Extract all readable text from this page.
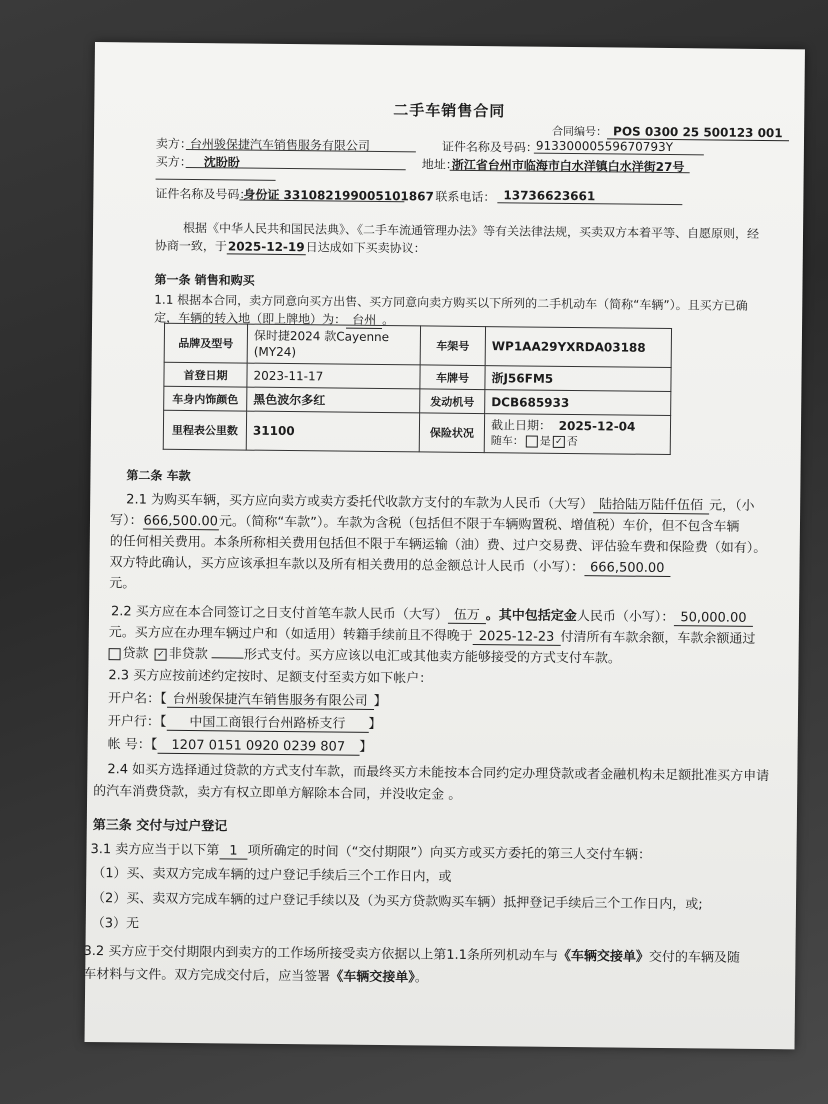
二手车销售合同
合同编号： POS 0300 25 500123 001
卖方：
台州骏保捷汽车销售服务有限公司	证件名称及号码：
91330000559670793Y
买方： 沈盼盼	地址：
浙江省台州市临海市白水洋镇白水洋街27号
证件名称及号码：
身份证 331082199005101867 联系电话： 13736623661
根据《中华人民共和国民法典》、《二手车流通管理办法》等有关法律法规，买卖双方本着平等、自愿原则，经
协商一致，于2025-12-19日达成如下买卖协议：
第一条 销售和购买
1.1 根据本合同，卖方同意向买方出售、买方同意向卖方购买以下所列的二手机动车（简称“车辆”）。且买方已确
定，车辆的转入地（即上牌地）为： 台州 。
品牌及型号	保时捷2024 款Cayenne
(MY24)	车架号	WP1AA29YXRDA03188
首登日期	2023-11-17	车牌号	浙J56FM5
车身内饰颜色	黑色波尔多红	发动机号	DCB685933
里程表公里数	31100	保险状况	截止日期： 2025-12-04
随车： 是 ✓ 否
第二条 车款
2.1 为购买车辆，买方应向卖方或卖方委托代收款方支付的车款为人民币（大写） 陆拾陆万陆仟伍佰 元，（小
写）：666,500.00元。（简称“车款”）。车款为含税（包括但不限于车辆购置税、增值税）车价，但不包含车辆
的任何相关费用。本条所称相关费用包括但不限于车辆运输（油）费、过户交易费、评估验车费和保险费（如有）。
双方特此确认，买方应该承担车款以及所有相关费用的总金额总计人民币（小写）： 666,500.00
元。
2.2 买方应在本合同签订之日支付首笔车款人民币（大写） 伍万 。其中包括定金人民币（小写）： 50,000.00
元。买方应在办理车辆过户和（如适用）转籍手续前且不得晚于 2025-12-23 付清所有车款余额，车款余额通过
贷款 ✓ 非贷款	形式支付。买方应该以电汇或其他卖方能够接受的方式支付车款。
2.3 买方应按前述约定按时、足额支付至卖方如下帐户：
开户名：【 台州骏保捷汽车销售服务有限公司 】
开户行：【 中国工商银行台州路桥支行 】
帐 号：【 1207 0151 0920 0239 807 】
2.4 如买方选择通过贷款的方式支付车款，而最终买方未能按本合同约定办理贷款或者金融机构未足额批准买方申请
的汽车消费贷款，卖方有权立即单方解除本合同，并没收定金 。
第三条 交付与过户登记
3.1 卖方应当于以下第 1 项所确定的时间（“交付期限”）向买方或买方委托的第三人交付车辆：
（1）买、卖双方完成车辆的过户登记手续后三个工作日内，或
（2）买、卖双方完成车辆的过户登记手续以及（为买方贷款购买车辆）抵押登记手续后三个工作日内，或;
（3）无
3.2 买方应于交付期限内到卖方的工作场所接受卖方依据以上第1.1条所列机动车与《车辆交接单》交付的车辆及随
车材料与文件。双方完成交付后，应当签署《车辆交接单》。
